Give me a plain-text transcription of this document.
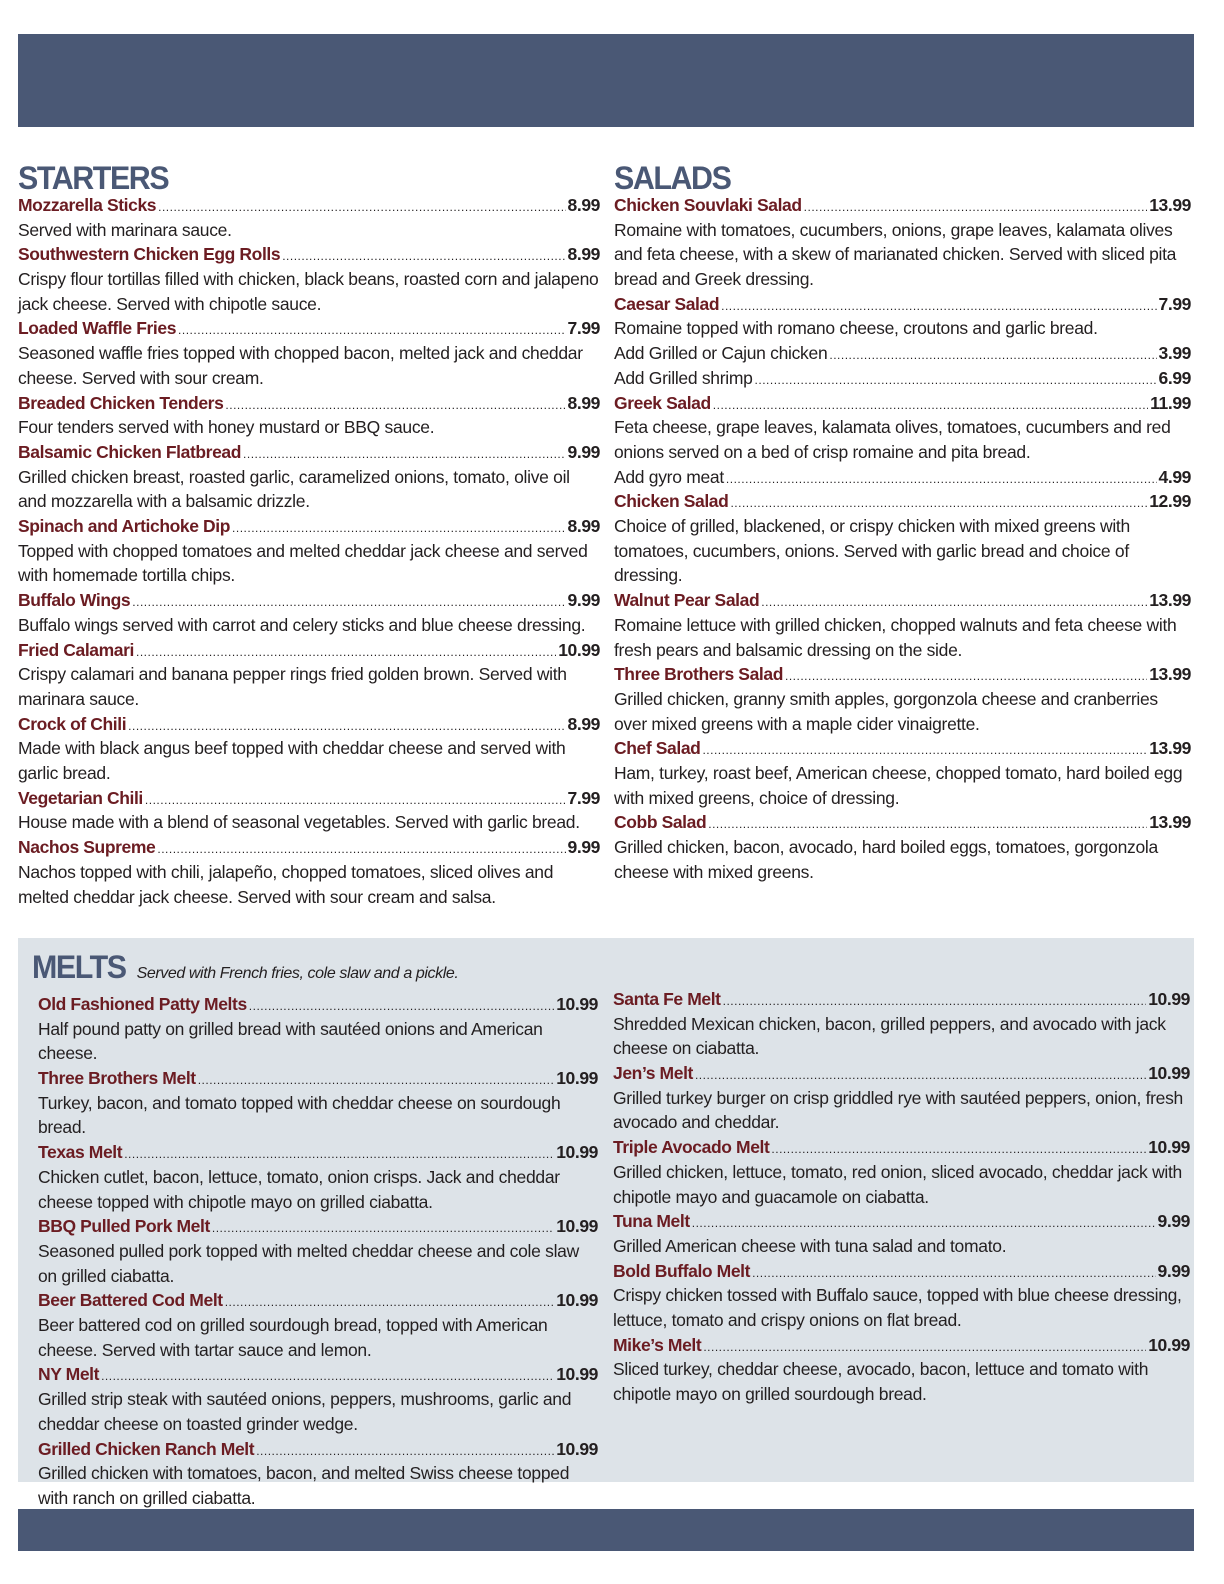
STARTERS
Mozzarella Sticks .....	8.99
Served with marinara sauce.
Southwestern Chicken Egg Rolls .....	8.99
Crispy flour tortillas filled with chicken, black beans, roasted corn and jalapeno jack cheese. Served with chipotle sauce.
Loaded Waffle Fries .....	7.99
Seasoned waffle fries topped with chopped bacon, melted jack and cheddar cheese. Served with sour cream.
Breaded Chicken Tenders .....	8.99
Four tenders served with honey mustard or BBQ sauce.
Balsamic Chicken Flatbread .....	9.99
Grilled chicken breast, roasted garlic, caramelized onions, tomato, olive oil and mozzarella with a balsamic drizzle.
Spinach and Artichoke Dip .....	8.99
Topped with chopped tomatoes and melted cheddar jack cheese and served with homemade tortilla chips.
Buffalo Wings .....	9.99
Buffalo wings served with carrot and celery sticks and blue cheese dressing.
Fried Calamari .....	10.99
Crispy calamari and banana pepper rings fried golden brown. Served with marinara sauce.
Crock of Chili .....	8.99
Made with black angus beef topped with cheddar cheese and served with garlic bread.
Vegetarian Chili .....	7.99
House made with a blend of seasonal vegetables. Served with garlic bread.
Nachos Supreme .....	9.99
Nachos topped with chili, jalapeño, chopped tomatoes, sliced olives and melted cheddar jack cheese. Served with sour cream and salsa.
SALADS
Chicken Souvlaki Salad .....	13.99
Romaine with tomatoes, cucumbers, onions, grape leaves, kalamata olives and feta cheese, with a skew of marianated chicken. Served with sliced pita bread and Greek dressing.
Caesar Salad .....	7.99
Romaine topped with romano cheese, croutons and garlic bread.
Add Grilled or Cajun chicken .....	3.99
Add Grilled shrimp .....	6.99
Greek Salad .....	11.99
Feta cheese, grape leaves, kalamata olives, tomatoes, cucumbers and red onions served on a bed of crisp romaine and pita bread.
Add gyro meat .....	4.99
Chicken Salad .....	12.99
Choice of grilled, blackened, or crispy chicken with mixed greens with tomatoes, cucumbers, onions. Served with garlic bread and choice of dressing.
Walnut Pear Salad .....	13.99
Romaine lettuce with grilled chicken, chopped walnuts and feta cheese with fresh pears and balsamic dressing on the side.
Three Brothers Salad .....	13.99
Grilled chicken, granny smith apples, gorgonzola cheese and cranberries over mixed greens with a maple cider vinaigrette.
Chef Salad .....	13.99
Ham, turkey, roast beef, American cheese, chopped tomato, hard boiled egg with mixed greens, choice of dressing.
Cobb Salad .....	13.99
Grilled chicken, bacon, avocado, hard boiled eggs, tomatoes, gorgonzola cheese with mixed greens.
MELTS Served with French fries, cole slaw and a pickle.
Old Fashioned Patty Melts .....	10.99
Half pound patty on grilled bread with sautéed onions and American cheese.
Three Brothers Melt .....	10.99
Turkey, bacon, and tomato topped with cheddar cheese on sourdough bread.
Texas Melt .....	10.99
Chicken cutlet, bacon, lettuce, tomato, onion crisps. Jack and cheddar cheese topped with chipotle mayo on grilled ciabatta.
BBQ Pulled Pork Melt .....	10.99
Seasoned pulled pork topped with melted cheddar cheese and cole slaw on grilled ciabatta.
Beer Battered Cod Melt .....	10.99
Beer battered cod on grilled sourdough bread, topped with American cheese. Served with tartar sauce and lemon.
NY Melt .....	10.99
Grilled strip steak with sautéed onions, peppers, mushrooms, garlic and cheddar cheese on toasted grinder wedge.
Grilled Chicken Ranch Melt .....	10.99
Grilled chicken with tomatoes, bacon, and melted Swiss cheese topped with ranch on grilled ciabatta.
Santa Fe Melt .....	10.99
Shredded Mexican chicken, bacon, grilled peppers, and avocado with jack cheese on ciabatta.
Jen’s Melt .....	10.99
Grilled turkey burger on crisp griddled rye with sautéed peppers, onion, fresh avocado and cheddar.
Triple Avocado Melt .....	10.99
Grilled chicken, lettuce, tomato, red onion, sliced avocado, cheddar jack with chipotle mayo and guacamole on ciabatta.
Tuna Melt .....	9.99
Grilled American cheese with tuna salad and tomato.
Bold Buffalo Melt .....	9.99
Crispy chicken tossed with Buffalo sauce, topped with blue cheese dressing, lettuce, tomato and crispy onions on flat bread.
Mike’s Melt .....	10.99
Sliced turkey, cheddar cheese, avocado, bacon, lettuce and tomato with chipotle mayo on grilled sourdough bread.
